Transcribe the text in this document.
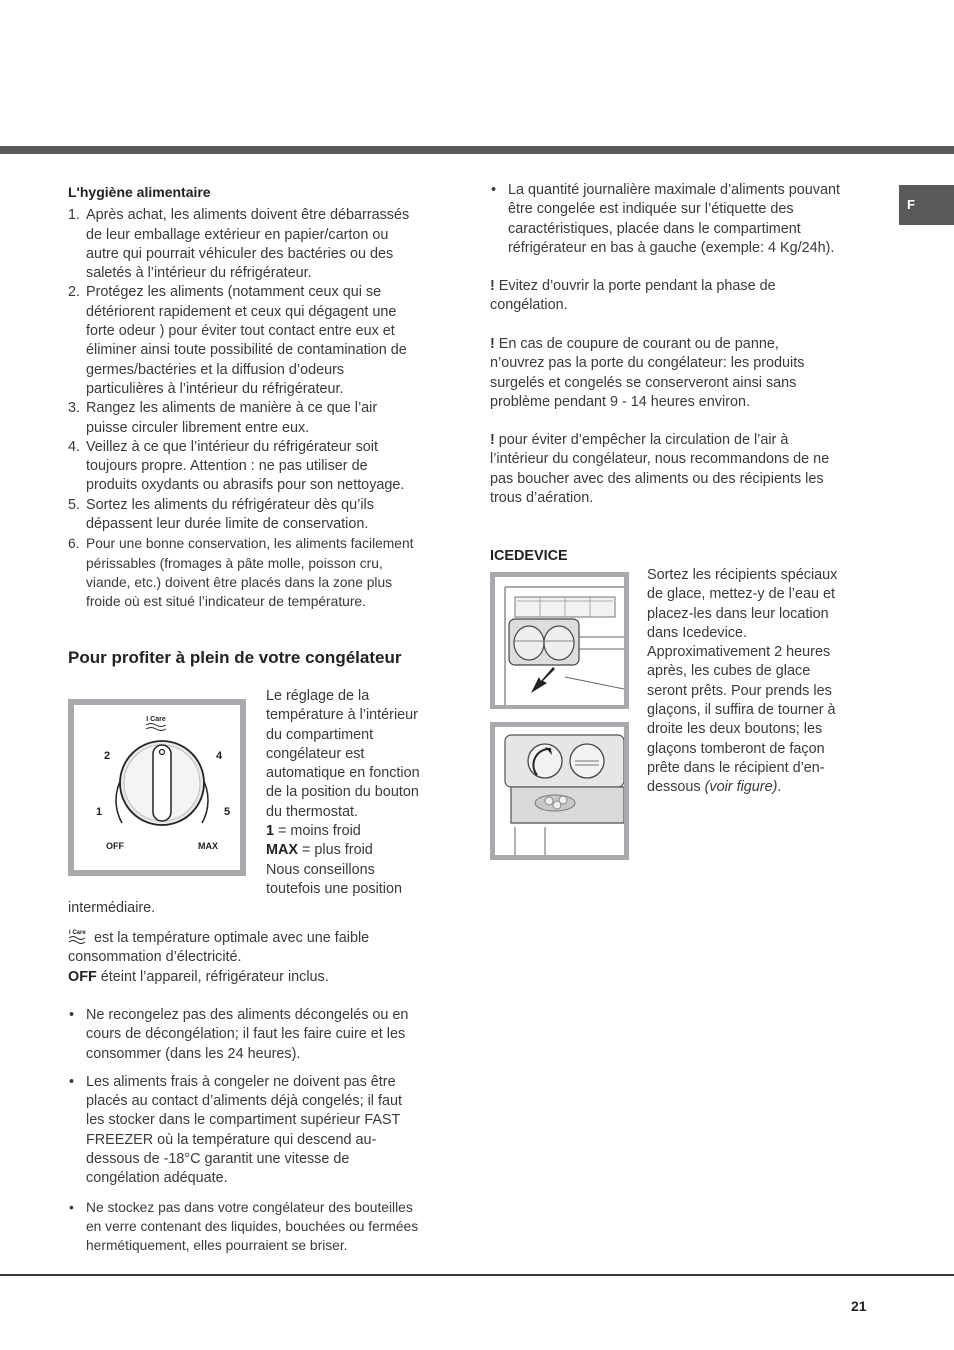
F
L'hygiène alimentaire
1. Après achat, les aliments doivent être débarrassés
de leur emballage extérieur en papier/carton ou
autre qui pourrait véhiculer des bactéries ou des
saletés à l’intérieur du réfrigérateur.
2. Protégez les aliments (notamment ceux qui se
détériorent rapidement et ceux qui dégagent une
forte odeur ) pour éviter tout contact entre eux et
éliminer ainsi toute possibilité de contamination de
germes/bactéries et la diffusion d’odeurs
particulières à l’intérieur du réfrigérateur.
3. Rangez les aliments de manière à ce que l’air
puisse circuler librement entre eux.
4. Veillez à ce que l’intérieur du réfrigérateur soit
toujours propre. Attention : ne pas utiliser de
produits oxydants ou abrasifs pour son nettoyage.
5. Sortez les aliments du réfrigérateur dès qu’ils
dépassent leur durée limite de conservation.
6. Pour une bonne conservation, les aliments facilement
périssables (fromages à pâte molle, poisson cru,
viande, etc.) doivent être placés dans la zone plus
froide où est situé l’indicateur de température.
Pour profiter à plein de votre congélateur
I Care
2	4
1	5
OFF	MAX
Le réglage de la
température à l’intérieur
du compartiment
congélateur est
automatique en fonction
de la position du bouton
du thermostat.
1 = moins froid
MAX = plus froid
Nous conseillons
toutefois une position
intermédiaire.
I Care est la température optimale avec une faible
consommation d’électricité.
OFF éteint l’appareil, réfrigérateur inclus.
• Ne recongelez pas des aliments décongelés ou en
cours de décongélation; il faut les faire cuire et les
consommer (dans les 24 heures).
• Les aliments frais à congeler ne doivent pas être
placés au contact d’aliments déjà congelés; il faut
les stocker dans le compartiment supérieur FAST
FREEZER où la température qui descend au-
dessous de -18°C garantit une vitesse de
congélation adéquate.
• Ne stockez pas dans votre congélateur des bouteilles
en verre contenant des liquides, bouchées ou fermées
hermétiquement, elles pourraient se briser.
• La quantité journalière maximale d’aliments pouvant
être congelée est indiquée sur l’étiquette des
caractéristiques, placée dans le compartiment
réfrigérateur en bas à gauche (exemple: 4 Kg/24h).
! Evitez d’ouvrir la porte pendant la phase de
congélation.
! En cas de coupure de courant ou de panne,
n’ouvrez pas la porte du congélateur: les produits
surgelés et congelés se conserveront ainsi sans
problème pendant 9 - 14 heures environ.
! pour éviter d’empêcher la circulation de l’air à
l’intérieur du congélateur, nous recommandons de ne
pas boucher avec des aliments ou des récipients les
trous d’aération.
ICEDEVICE
Sortez les récipients spéciaux
de glace, mettez-y de l’eau et
placez-les dans leur location
dans Icedevice.
Approximativement 2 heures
après, les cubes de glace
seront prêts. Pour prends les
glaçons, il suffira de tourner à
droite les deux boutons; les
glaçons tomberont de façon
prête dans le récipient d’en-
dessous (voir figure).
21
